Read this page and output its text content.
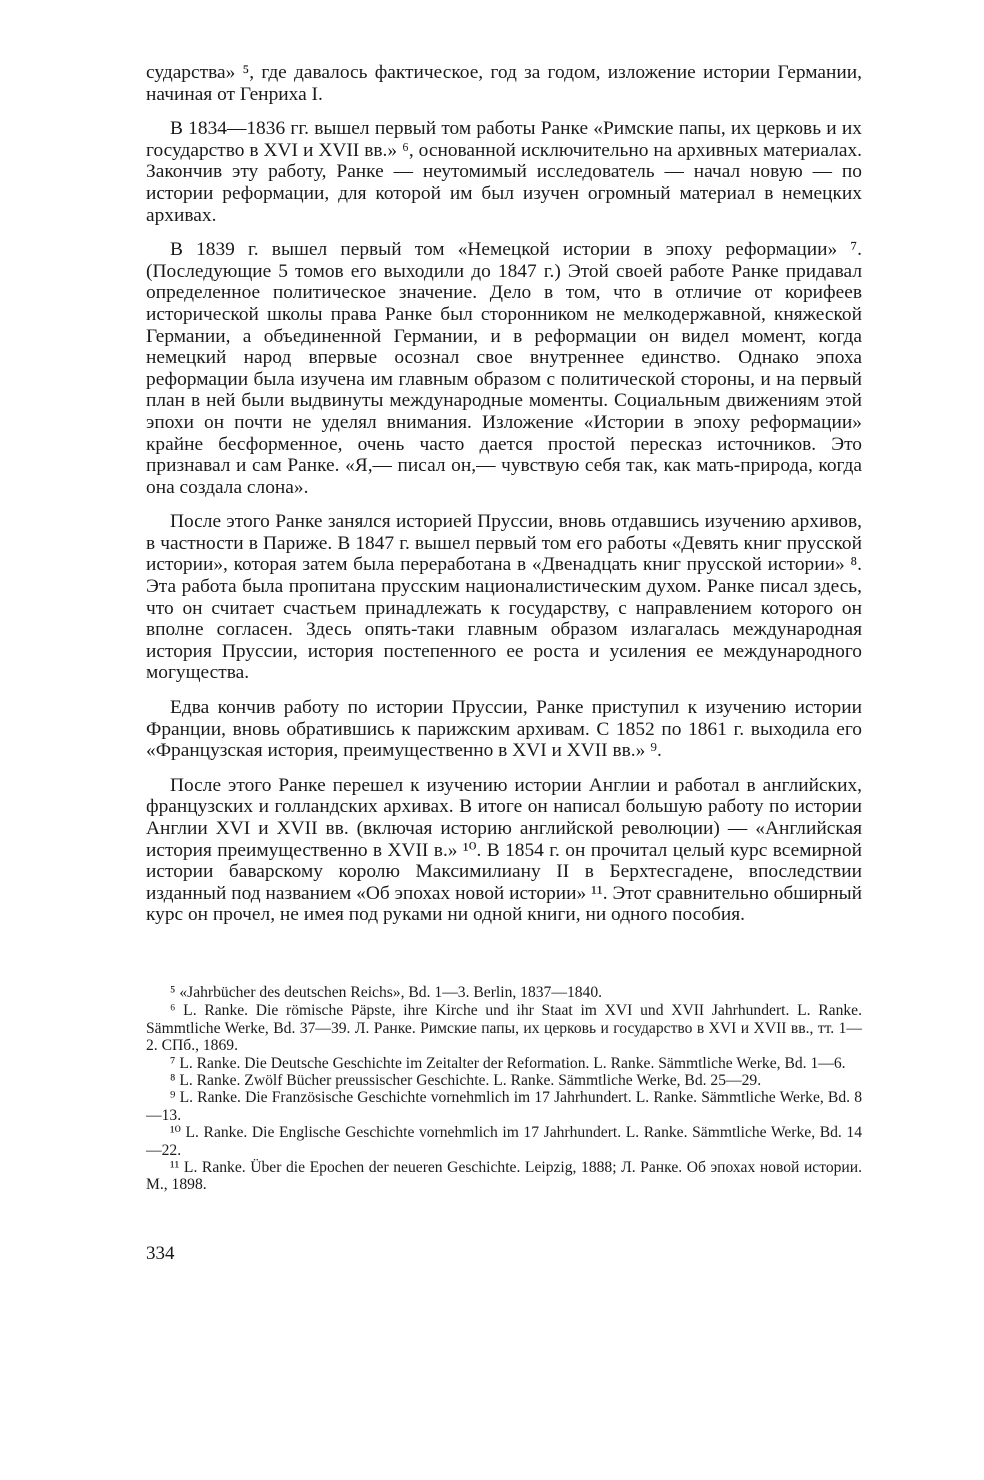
сударства» ⁵, где давалось фактическое, год за годом, изложение истории Германии, начиная от Генриха I.

В 1834—1836 гг. вышел первый том работы Ранке «Римские папы, их церковь и их государство в XVI и XVII вв.» ⁶, основанной исключительно на архивных материалах. Закончив эту работу, Ранке — неутомимый исследователь — начал новую — по истории реформации, для которой им был изучен огромный материал в немецких архивах.

В 1839 г. вышел первый том «Немецкой истории в эпоху реформации» ⁷. (Последующие 5 томов его выходили до 1847 г.) Этой своей работе Ранке придавал определенное политическое значение. Дело в том, что в отличие от корифеев исторической школы права Ранке был сторонником не мелкодержавной, княжеской Германии, а объединенной Германии, и в реформации он видел момент, когда немецкий народ впервые осознал свое внутреннее единство. Однако эпоха реформации была изучена им главным образом с политической стороны, и на первый план в ней были выдвинуты международные моменты. Социальным движениям этой эпохи он почти не уделял внимания. Изложение «Истории в эпоху реформации» крайне бесформенное, очень часто дается простой пересказ источников. Это признавал и сам Ранке. «Я,— писал он,— чувствую себя так, как мать-природа, когда она создала слона».

После этого Ранке занялся историей Пруссии, вновь отдавшись изучению архивов, в частности в Париже. В 1847 г. вышел первый том его работы «Девять книг прусской истории», которая затем была переработана в «Двенадцать книг прусской истории» ⁸. Эта работа была пропитана прусским националистическим духом. Ранке писал здесь, что он считает счастьем принадлежать к государству, с направлением которого он вполне согласен. Здесь опять-таки главным образом излагалась международная история Пруссии, история постепенного ее роста и усиления ее международного могущества.

Едва кончив работу по истории Пруссии, Ранке приступил к изучению истории Франции, вновь обратившись к парижским архивам. С 1852 по 1861 г. выходила его «Французская история, преимущественно в XVI и XVII вв.» ⁹.

После этого Ранке перешел к изучению истории Англии и работал в английских, французских и голландских архивах. В итоге он написал большую работу по истории Англии XVI и XVII вв. (включая историю английской революции) — «Английская история преимущественно в XVII в.» ¹⁰. В 1854 г. он прочитал целый курс всемирной истории баварскому королю Максимилиану II в Берхтесгадене, впоследствии изданный под названием «Об эпохах новой истории» ¹¹. Этот сравнительно обширный курс он прочел, не имея под руками ни одной книги, ни одного пособия.

⁵ «Jahrbücher des deutschen Reichs», Bd. 1—3. Berlin, 1837—1840.

⁶ L. Ranke. Die römische Päpste, ihre Kirche und ihr Staat im XVI und XVII Jahrhundert. L. Ranke. Sämmtliche Werke, Bd. 37—39. Л. Ранке. Римские папы, их церковь и государство в XVI и XVII вв., тт. 1—2. СПб., 1869.

⁷ L. Ranke. Die Deutsche Geschichte im Zeitalter der Reformation. L. Ranke. Sämmtliche Werke, Bd. 1—6.

⁸ L. Ranke. Zwölf Bücher preussischer Geschichte. L. Ranke. Sämmtliche Werke, Bd. 25—29.

⁹ L. Ranke. Die Französische Geschichte vornehmlich im 17 Jahrhundert. L. Ranke. Sämmtliche Werke, Bd. 8—13.

¹⁰ L. Ranke. Die Englische Geschichte vornehmlich im 17 Jahrhundert. L. Ranke. Sämmtliche Werke, Bd. 14—22.

¹¹ L. Ranke. Über die Epochen der neueren Geschichte. Leipzig, 1888; Л. Ранке. Об эпохах новой истории. М., 1898.

334
